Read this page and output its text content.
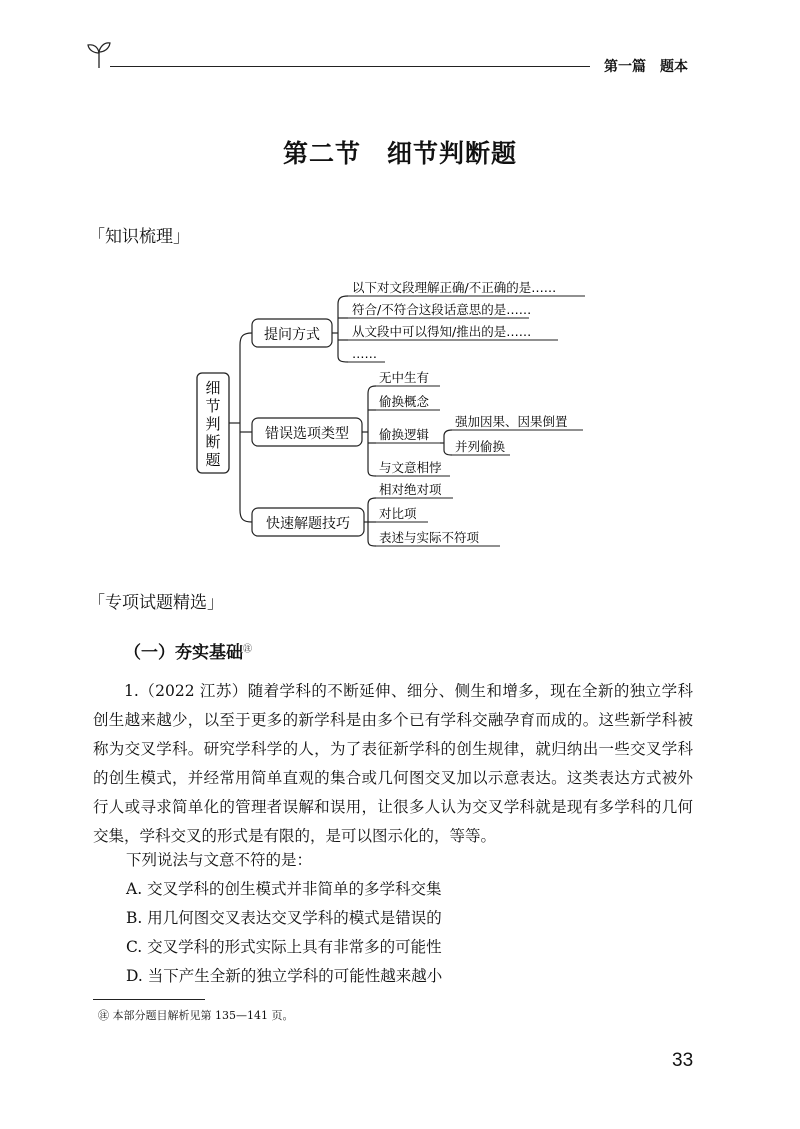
第一篇　题本
第二节　细节判断题
「知识梳理」
细
节
判
断
题
提问方式
以下对文段理解正确/不正确的是……
符合/不符合这段话意思的是……
从文段中可以得知/推出的是……
……
错误选项类型
无中生有
偷换概念
偷换逻辑
与文意相悖
强加因果、因果倒置
并列偷换
快速解题技巧
相对绝对项
对比项
表述与实际不符项
「专项试题精选」
（一）夯实基础㊟
1.（2022 江苏）随着学科的不断延伸、细分、侧生和增多，现在全新的独立学科创生越来越少，以至于更多的新学科是由多个已有学科交融孕育而成的。这些新学科被称为交叉学科。研究学科学的人，为了表征新学科的创生规律，就归纳出一些交叉学科的创生模式，并经常用简单直观的集合或几何图交叉加以示意表达。这类表达方式被外行人或寻求简单化的管理者误解和误用，让很多人认为交叉学科就是现有多学科的几何交集，学科交叉的形式是有限的，是可以图示化的，等等。
下列说法与文意不符的是：
A. 交叉学科的创生模式并非简单的多学科交集
B. 用几何图交叉表达交叉学科的模式是错误的
C. 交叉学科的形式实际上具有非常多的可能性
D. 当下产生全新的独立学科的可能性越来越小
㊟ 本部分题目解析见第 135—141 页。
33
